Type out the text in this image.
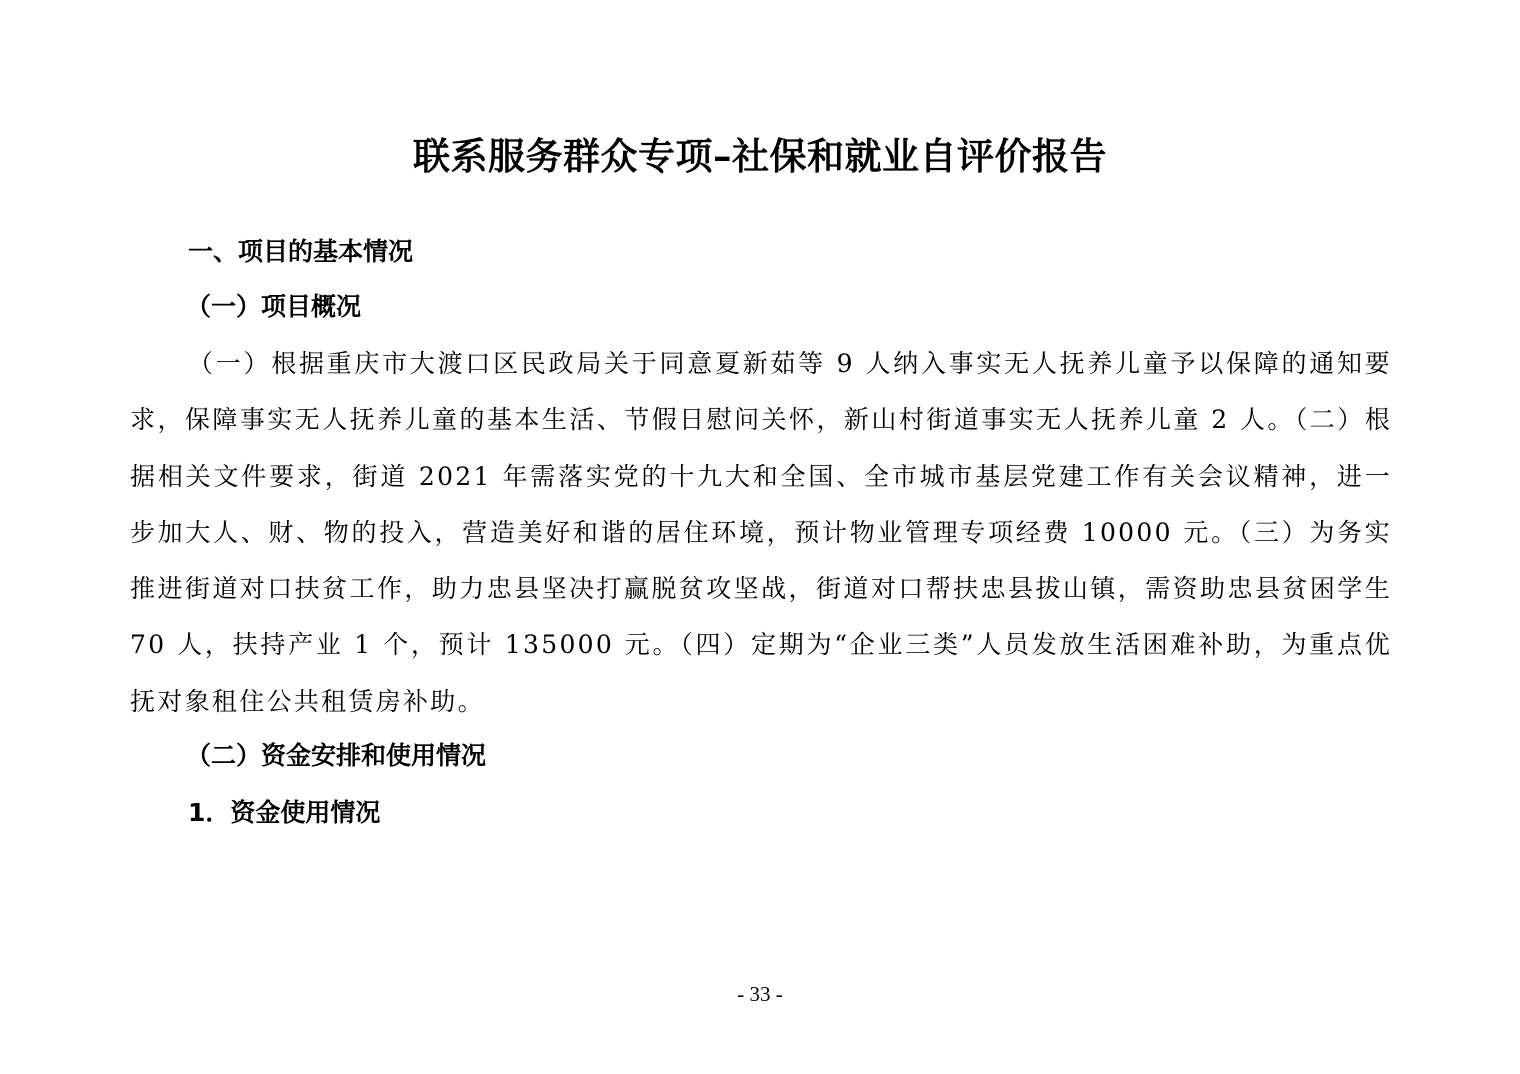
联系服务群众专项–社保和就业自评价报告
一、项目的基本情况
（一）项目概况

（一）根据重庆市大渡口区民政局关于同意夏新茹等 9 人纳入事实无人抚养儿童予以保障的通知要求，保障事实无人抚养儿童的基本生活、节假日慰问关怀，新山村街道事实无人抚养儿童 2 人。（二）根据相关文件要求，街道 2021 年需落实党的十九大和全国、全市城市基层党建工作有关会议精神，进一步加大人、财、物的投入，营造美好和谐的居住环境，预计物业管理专项经费 10000 元。（三）为务实推进街道对口扶贫工作，助力忠县坚决打赢脱贫攻坚战，街道对口帮扶忠县拔山镇，需资助忠县贫困学生 70 人，扶持产业 1 个，预计 135000 元。（四）定期为“企业三类”人员发放生活困难补助，为重点优抚对象租住公共租赁房补助。

（二）资金安排和使用情况
1．资金使用情况
- 33 -
